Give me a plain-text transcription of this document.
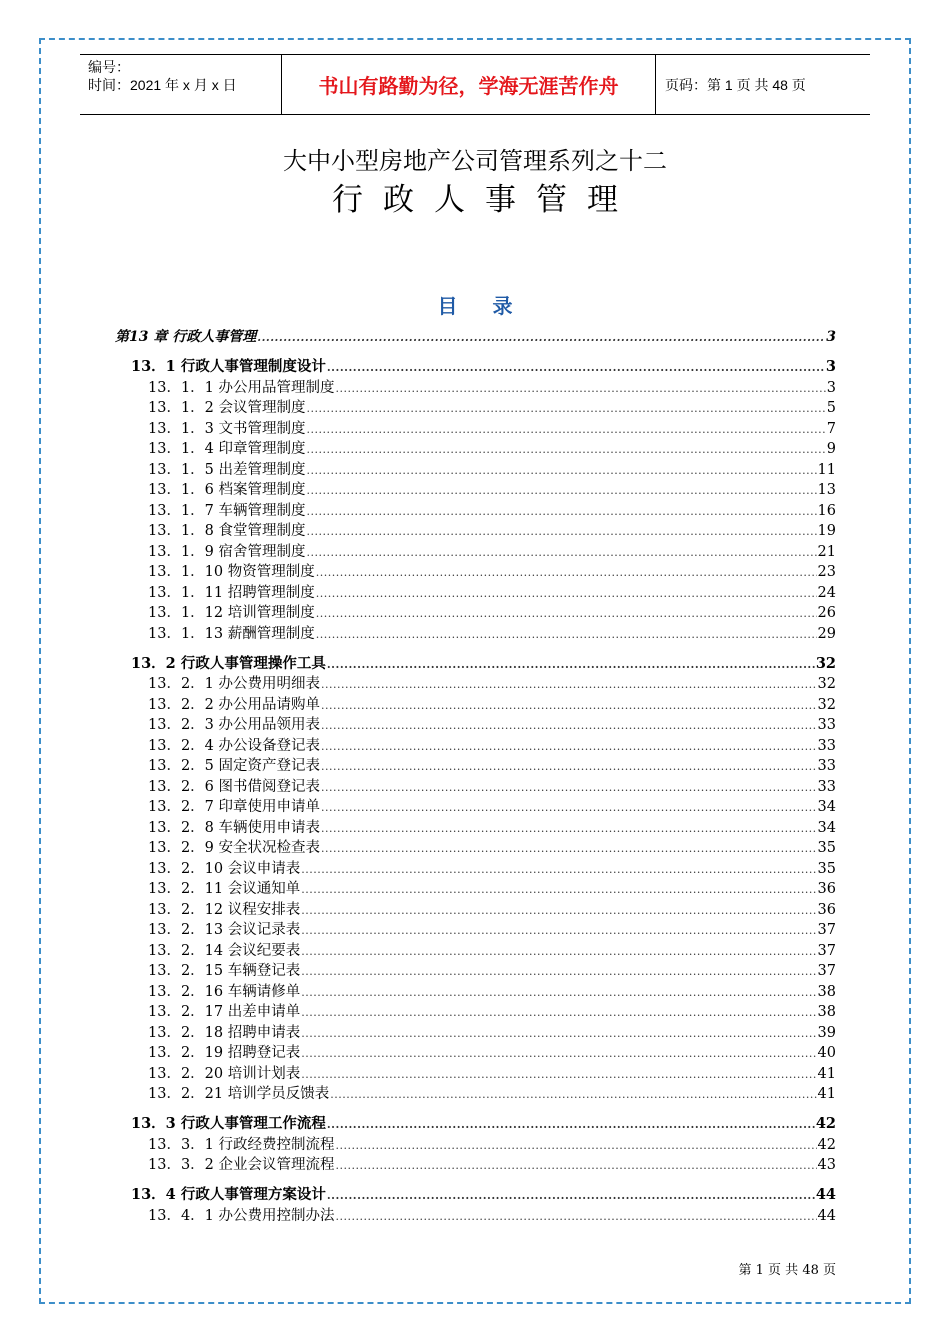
编号：
时间：2021 年 x 月 x 日	书山有路勤为径，学海无涯苦作舟	页码：第 1 页 共 48 页
大中小型房地产公司管理系列之十二
行政人事管理
目 录
第13 章 行政人事管理 .....	3
13．1 行政人事管理制度设计 .....	3
13．1．1 办公用品管理制度 .....	3
13．1．2 会议管理制度 .....	5
13．1．3 文书管理制度 .....	7
13．1．4 印章管理制度 .....	9
13．1．5 出差管理制度 .....	11
13．1．6 档案管理制度 .....	13
13．1．7 车辆管理制度 .....	16
13．1．8 食堂管理制度 .....	19
13．1．9 宿舍管理制度 .....	21
13．1．10 物资管理制度 .....	23
13．1．11 招聘管理制度 .....	24
13．1．12 培训管理制度 .....	26
13．1．13 薪酬管理制度 .....	29
13．2 行政人事管理操作工具 .....	32
13．2．1 办公费用明细表 .....	32
13．2．2 办公用品请购单 .....	32
13．2．3 办公用品领用表 .....	33
13．2．4 办公设备登记表 .....	33
13．2．5 固定资产登记表 .....	33
13．2．6 图书借阅登记表 .....	33
13．2．7 印章使用申请单 .....	34
13．2．8 车辆使用申请表 .....	34
13．2．9 安全状况检查表 .....	35
13．2．10 会议申请表 .....	35
13．2．11 会议通知单 .....	36
13．2．12 议程安排表 .....	36
13．2．13 会议记录表 .....	37
13．2．14 会议纪要表 .....	37
13．2．15 车辆登记表 .....	37
13．2．16 车辆请修单 .....	38
13．2．17 出差申请单 .....	38
13．2．18 招聘申请表 .....	39
13．2．19 招聘登记表 .....	40
13．2．20 培训计划表 .....	41
13．2．21 培训学员反馈表 .....	41
13．3 行政人事管理工作流程 .....	42
13．3．1 行政经费控制流程 .....	42
13．3．2 企业会议管理流程 .....	43
13．4 行政人事管理方案设计 .....	44
13．4．1 办公费用控制办法 .....	44
第 1 页 共 48 页
